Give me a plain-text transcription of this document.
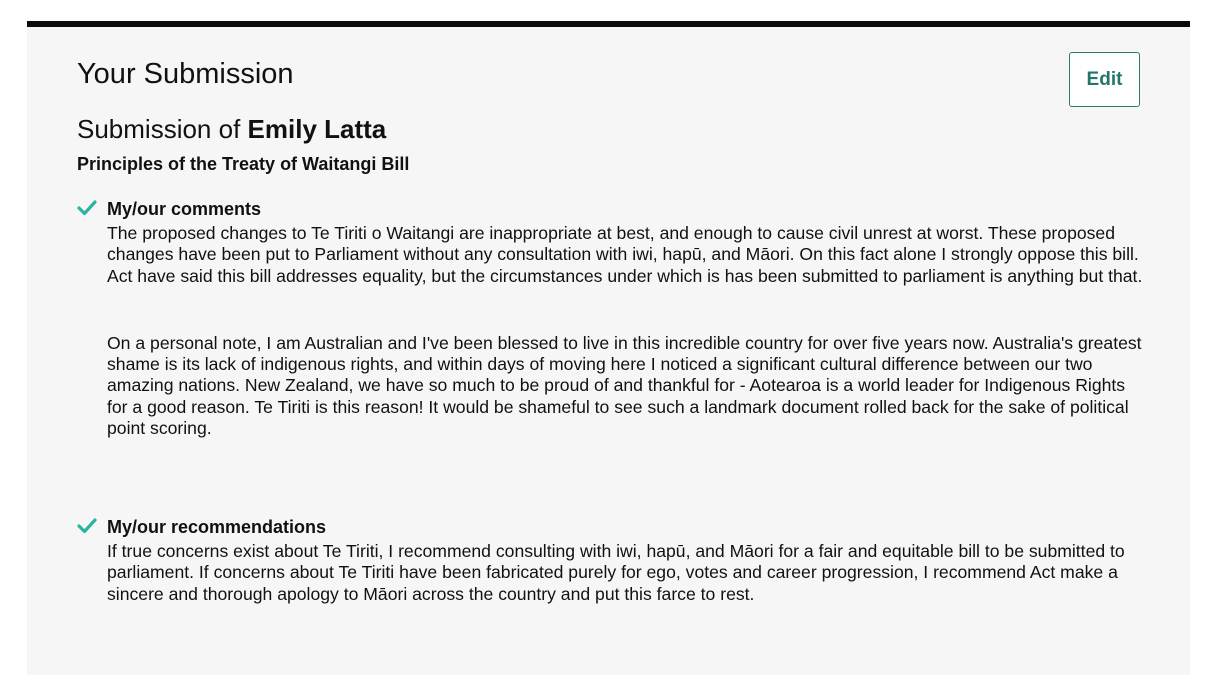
Your Submission	Edit
Submission of Emily Latta
Principles of the Treaty of Waitangi Bill
My/our comments

The proposed changes to Te Tiriti o Waitangi are inappropriate at best, and enough to cause civil unrest at worst. These proposed changes have been put to Parliament without any consultation with iwi, hapū, and Māori. On this fact alone I strongly oppose this bill. Act have said this bill addresses equality, but the circumstances under which is has been submitted to parliament is anything but that.

On a personal note, I am Australian and I've been blessed to live in this incredible country for over five years now. Australia's greatest shame is its lack of indigenous rights, and within days of moving here I noticed a significant cultural difference between our two amazing nations. New Zealand, we have so much to be proud of and thankful for - Aotearoa is a world leader for Indigenous Rights for a good reason. Te Tiriti is this reason! It would be shameful to see such a landmark document rolled back for the sake of political point scoring.

My/our recommendations

If true concerns exist about Te Tiriti, I recommend consulting with iwi, hapū, and Māori for a fair and equitable bill to be submitted to parliament. If concerns about Te Tiriti have been fabricated purely for ego, votes and career progression, I recommend Act make a sincere and thorough apology to Māori across the country and put this farce to rest.
